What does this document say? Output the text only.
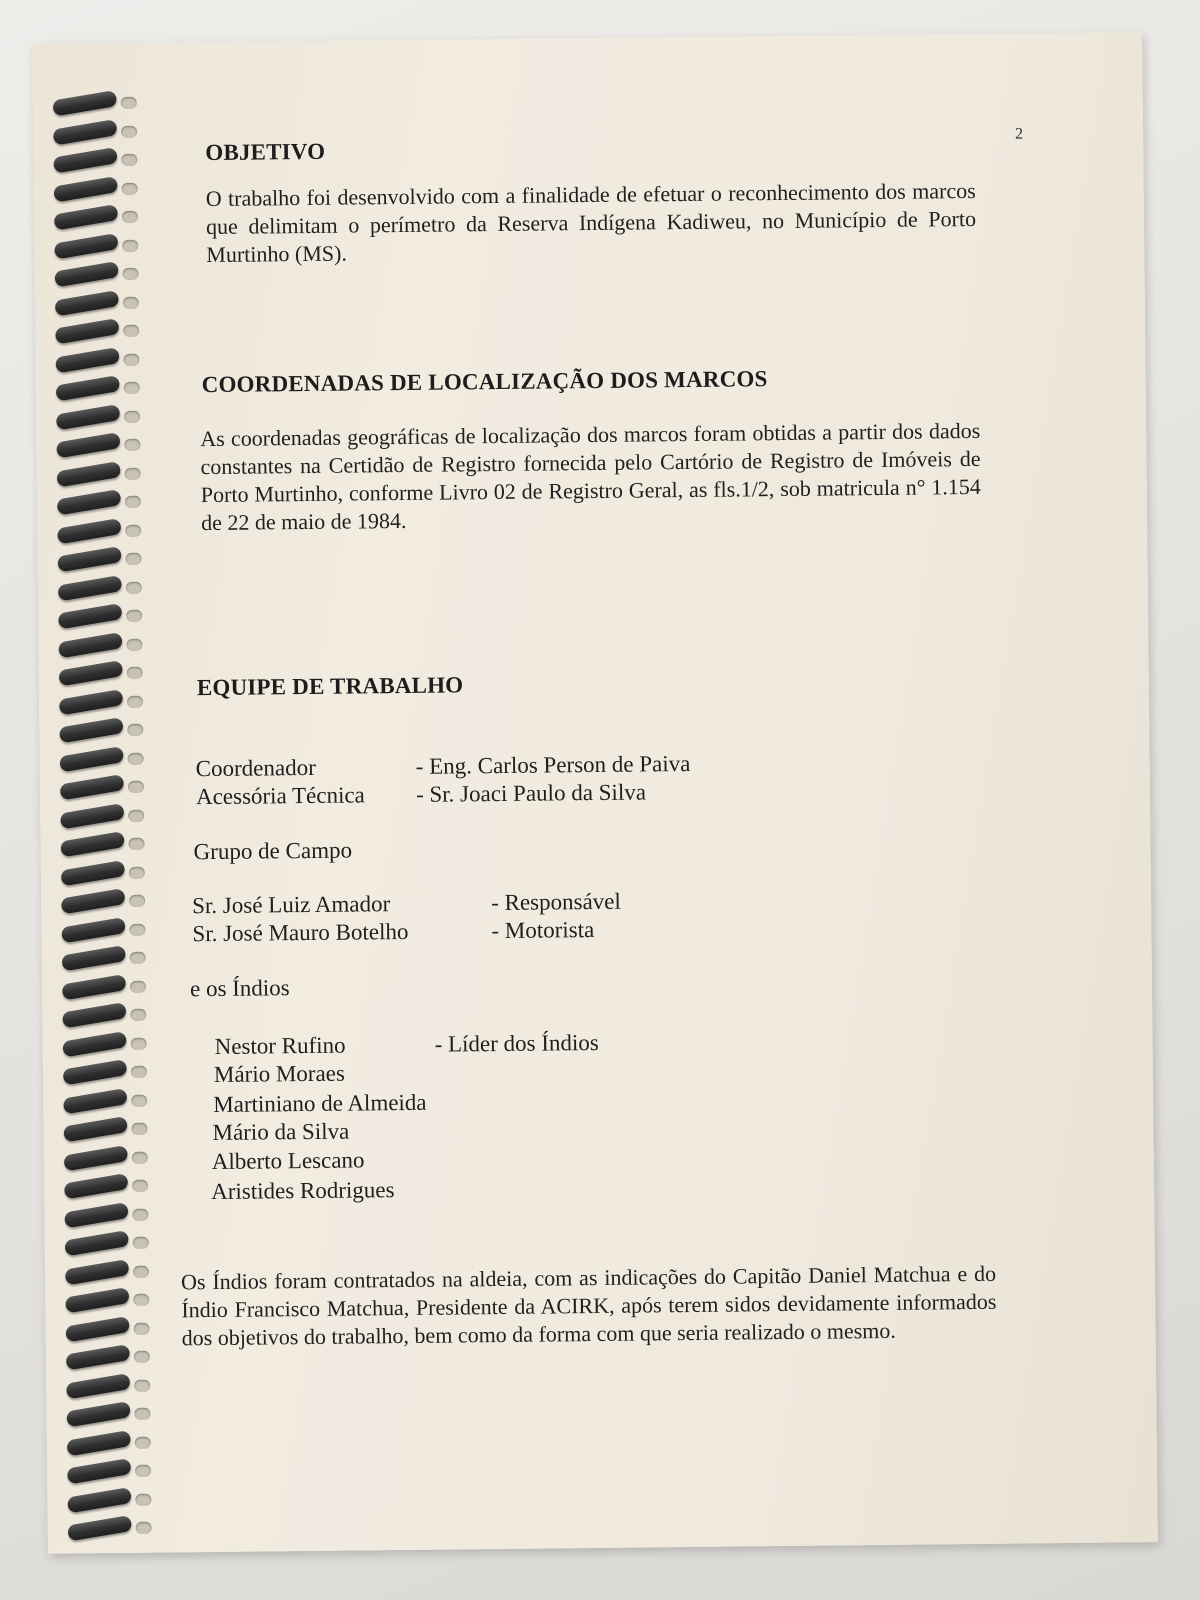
2
OBJETIVO
O trabalho foi desenvolvido com a finalidade de efetuar o reconhecimento dos marcos que delimitam o perímetro da Reserva Indígena Kadiweu, no Município de Porto Murtinho (MS).
COORDENADAS DE LOCALIZAÇÃO DOS MARCOS
As coordenadas geográficas de localização dos marcos foram obtidas a partir dos dados constantes na Certidão de Registro fornecida pelo Cartório de Registro de Imóveis de Porto Murtinho, conforme Livro 02 de Registro Geral, as fls.1/2, sob matricula n° 1.154 de 22 de maio de 1984.
EQUIPE DE TRABALHO
Coordenador	- Eng. Carlos Person de Paiva
Acessória Técnica - Sr. Joaci Paulo da Silva
Grupo de Campo
Sr. José Luiz Amador	- Responsável
Sr. José Mauro Botelho	- Motorista
e os Índios
Nestor Rufino	- Líder dos Índios
Mário Moraes
Martiniano de Almeida
Mário da Silva
Alberto Lescano
Aristides Rodrigues
Os Índios foram contratados na aldeia, com as indicações do Capitão Daniel Matchua e do Índio Francisco Matchua, Presidente da ACIRK, após terem sidos devidamente informados dos objetivos do trabalho, bem como da forma com que seria realizado o mesmo.
